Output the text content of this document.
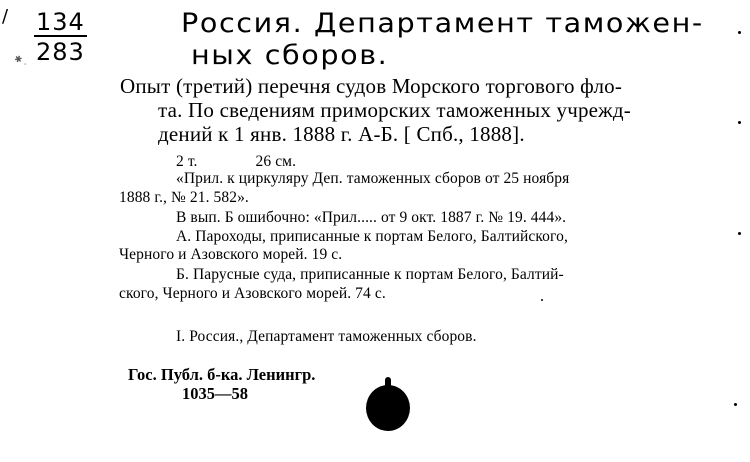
/ 134
283
✱ .
Россия. Департамент таможен-
ных сборов.
Опыт (третий) перечня судов Морского торгового фло-
та. По сведениям приморских таможенных учрежд-
дений к 1 янв. 1888 г. А-Б. [ Спб., 1888].
2 т.	26 см.
«Прил. к циркуляру Деп. таможенных сборов от 25 ноября
1888 г., № 21. 582».
В вып. Б ошибочно: «Прил..... от 9 окт. 1887 г. № 19. 444».
А. Пароходы, приписанные к портам Белого, Балтийского,
Черного и Азовского морей. 19 с.
Б. Парусные суда, приписанные к портам Белого, Балтий-
ского, Черного и Азовского морей. 74 с.
I. Россия., Департамент таможенных сборов.
Гос. Публ. б-ка. Ленингр.
1035—58
